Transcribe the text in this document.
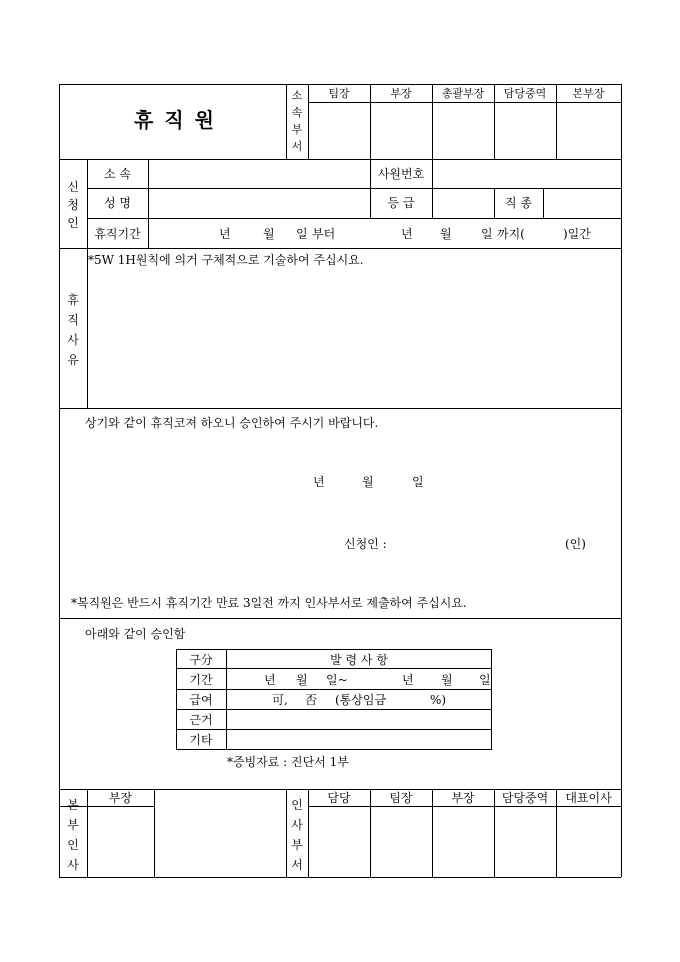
휴 직 원
소
속
부
서
팀장	부장	총괄부장	담당중역	본부장
신
청
인
소 속	사원번호
성 명	등 급	직 종
휴직기간	년	월 일 부터	년 월 일 까지(	)일간
휴
직
사
유
*5W 1H원칙에 의거 구체적으로 기술하여 주십시요.
상기와 같이 휴직코져 하오니 승인하여 주시기 바랍니다.
년	월	일
신청인 :	(인)
*복직원은 반드시 휴직기간 만료 3일전 까지 인사부서로 제출하여 주십시요.
아래와 같이 승인함
구分	발 령 사 항
기간	년 월 일~	년 월 일
급여	可, 否 (통상임금	%)
근거
기타
*증빙자료 : 진단서 1부
본
부
인
사
부장	인
사
부
서
담당	팀장	부장	담당중역	대표이사
